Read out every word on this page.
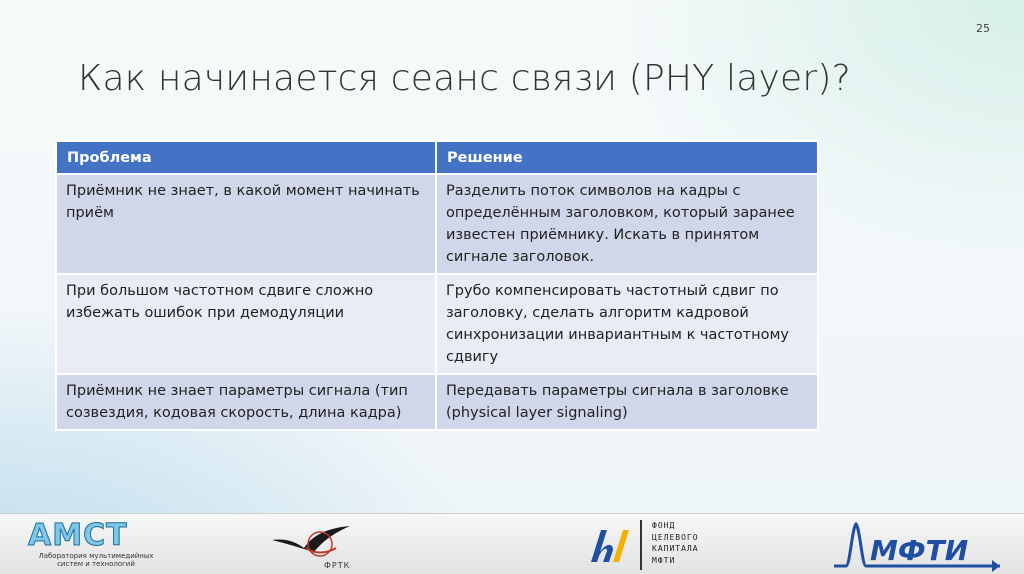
25
Как начинается сеанс связи (PHY layer)?
Проблема	Решение
Приёмник не знает, в какой момент начинать приём	Разделить поток символов на кадры с определённым заголовком, который заранее известен приёмнику. Искать в принятом сигнале заголовок.
При большом частотном сдвиге сложно избежать ошибок при демодуляции	Грубо компенсировать частотный сдвиг по заголовку, сделать алгоритм кадровой синхронизации инвариантным к частотному сдвигу
Приёмник не знает параметры сигнала (тип созвездия, кодовая скорость, длина кадра)	Передавать параметры сигнала в заголовке (physical layer signaling)
АМСТ
Лаборатория мультимедийных систем и технологий	ФРТК
ФОНД
ЦЕЛЕВОГО
КАПИТАЛА
МФТИ	МФТИ
